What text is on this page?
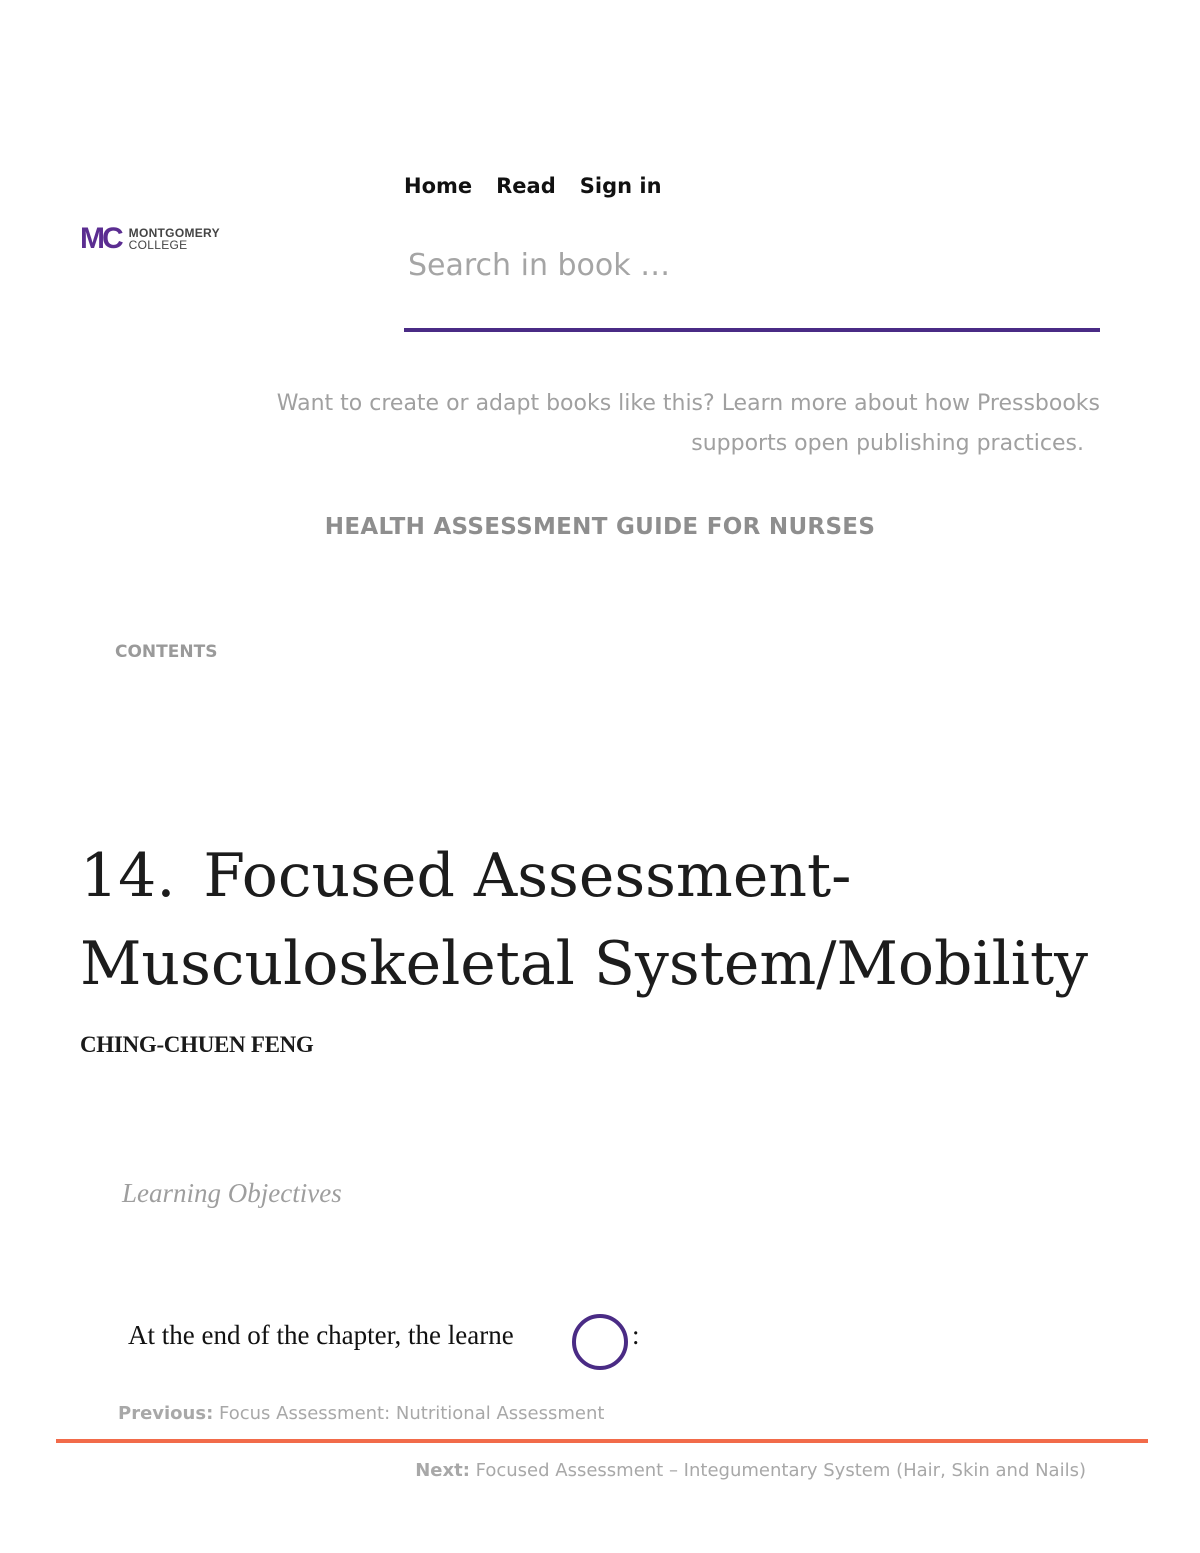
MC MONTGOMERY
COLLEGE
Home Read Sign in
Search in book …
Want to create or adapt books like this? Learn more about how Pressbooks
supports open publishing practices.
HEALTH ASSESSMENT GUIDE FOR NURSES
CONTENTS
14. Focused Assessment-
Musculoskeletal System/Mobility
CHING-CHUEN FENG
Learning Objectives
At the end of the chapter, the learne	:
Previous: Focus Assessment: Nutritional Assessment
Next: Focused Assessment – Integumentary System (Hair, Skin and Nails)
